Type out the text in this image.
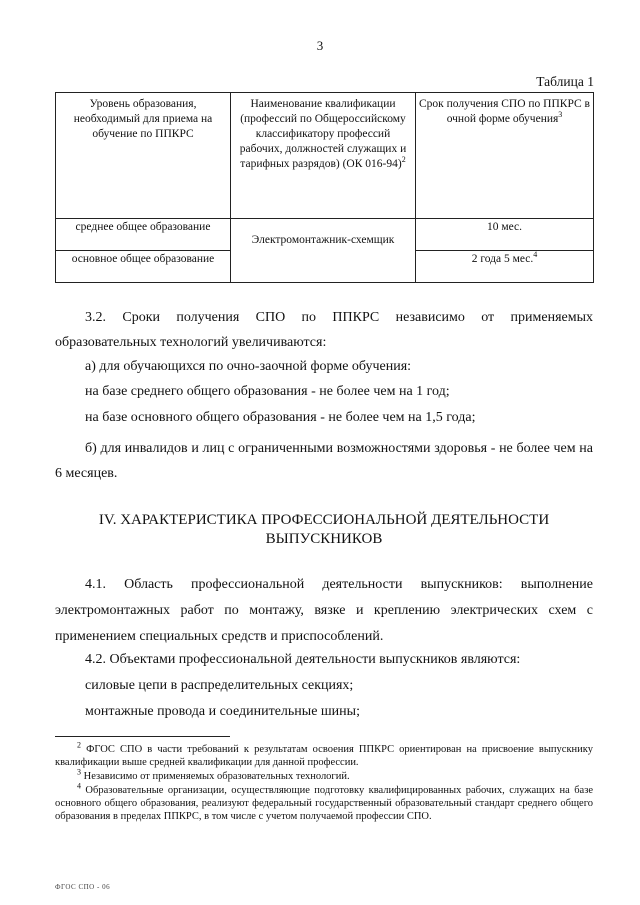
3
Таблица 1
Уровень образования, необходимый для приема на обучение по ППКРС	Наименование квалификации (профессий по Общероссийскому классификатору профессий рабочих, должностей служащих и тарифных разрядов) (ОК 016-94)$^2$	Срок получения СПО по ППКРС в очной форме обучения$^3$
среднее общее образование	Электромонтажник-схемщик	10 мес.
основное общее образование		2 года 5 мес.$^4$
3.2. Сроки получения СПО по ППКРС независимо от применяемых образовательных технологий увеличиваются:
а) для обучающихся по очно-заочной форме обучения:
на базе среднего общего образования - не более чем на 1 год;
на базе основного общего образования - не более чем на 1,5 года;
б) для инвалидов и лиц с ограниченными возможностями здоровья - не более чем на 6 месяцев.
IV. ХАРАКТЕРИСТИКА ПРОФЕССИОНАЛЬНОЙ ДЕЯТЕЛЬНОСТИ ВЫПУСКНИКОВ
4.1. Область профессиональной деятельности выпускников: выполнение электромонтажных работ по монтажу, вязке и креплению электрических схем с применением специальных средств и приспособлений.
4.2. Объектами профессиональной деятельности выпускников являются:
силовые цепи в распределительных секциях;
монтажные провода и соединительные шины;
$^2$ ФГОС СПО в части требований к результатам освоения ППКРС ориентирован на присвоение выпускнику квалификации выше средней квалификации для данной профессии.
$^3$ Независимо от применяемых образовательных технологий.
$^4$ Образовательные организации, осуществляющие подготовку квалифицированных рабочих, служащих на базе основного общего образования, реализуют федеральный государственный образовательный стандарт среднего общего образования в пределах ППКРС, в том числе с учетом получаемой профессии СПО.
ФГОС СПО - 06
